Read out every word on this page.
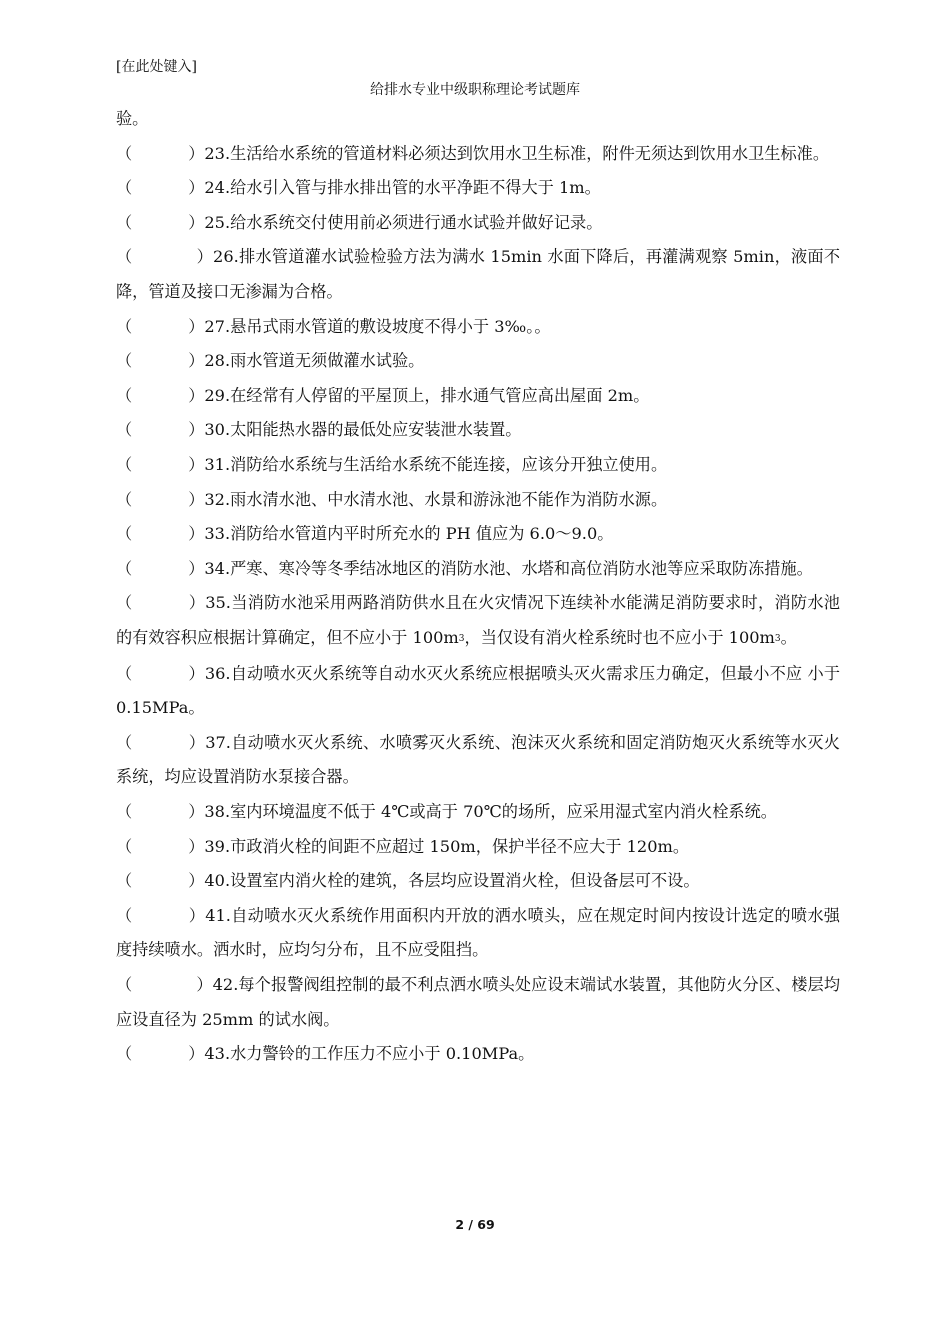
[在此处键入]
给排水专业中级职称理论考试题库

验。

（	）23.生活给水系统的管道材料必须达到饮用水卫生标准，附件无须达到饮用水卫生标准。

（	）24.给水引入管与排水排出管的水平净距不得大于 1m。

（	）25.给水系统交付使用前必须进行通水试验并做好记录。

（	）26.排水管道灌水试验检验方法为满水 15min 水面下降后，再灌满观察 5min，液面不降，管道及接口无渗漏为合格。

（	）27.悬吊式雨水管道的敷设坡度不得小于 3‰。。

（	）28.雨水管道无须做灌水试验。

（	）29.在经常有人停留的平屋顶上，排水通气管应高出屋面 2m。

（	）30.太阳能热水器的最低处应安装泄水装置。

（	）31.消防给水系统与生活给水系统不能连接，应该分开独立使用。

（	）32.雨水清水池、中水清水池、水景和游泳池不能作为消防水源。

（	）33.消防给水管道内平时所充水的 PH 值应为 6.0～9.0。

（	）34.严寒、寒冷等冬季结冰地区的消防水池、水塔和高位消防水池等应采取防冻措施。

（	）35.当消防水池采用两路消防供水且在火灾情况下连续补水能满足消防要求时，消防水池的有效容积应根据计算确定，但不应小于 $100m^3$，当仅设有消火栓系统时也不应小于 $100m^3$。

（	）36.自动喷水灭火系统等自动水灭火系统应根据喷头灭火需求压力确定，但最小不应 小于 0.15MPa。

（	）37.自动喷水灭火系统、水喷雾灭火系统、泡沫灭火系统和固定消防炮灭火系统等水灭火系统，均应设置消防水泵接合器。

（	）38.室内环境温度不低于 4℃或高于 70℃的场所，应采用湿式室内消火栓系统。

（	）39.市政消火栓的间距不应超过 150m，保护半径不应大于 120m。

（	）40.设置室内消火栓的建筑，各层均应设置消火栓，但设备层可不设。

（	）41.自动喷水灭火系统作用面积内开放的洒水喷头，应在规定时间内按设计选定的喷水强度持续喷水。洒水时，应均匀分布，且不应受阻挡。

（	）42.每个报警阀组控制的最不利点洒水喷头处应设末端试水装置，其他防火分区、楼层均应设直径为 25mm 的试水阀。

（	）43.水力警铃的工作压力不应小于 0.10MPa。

2 / 69
